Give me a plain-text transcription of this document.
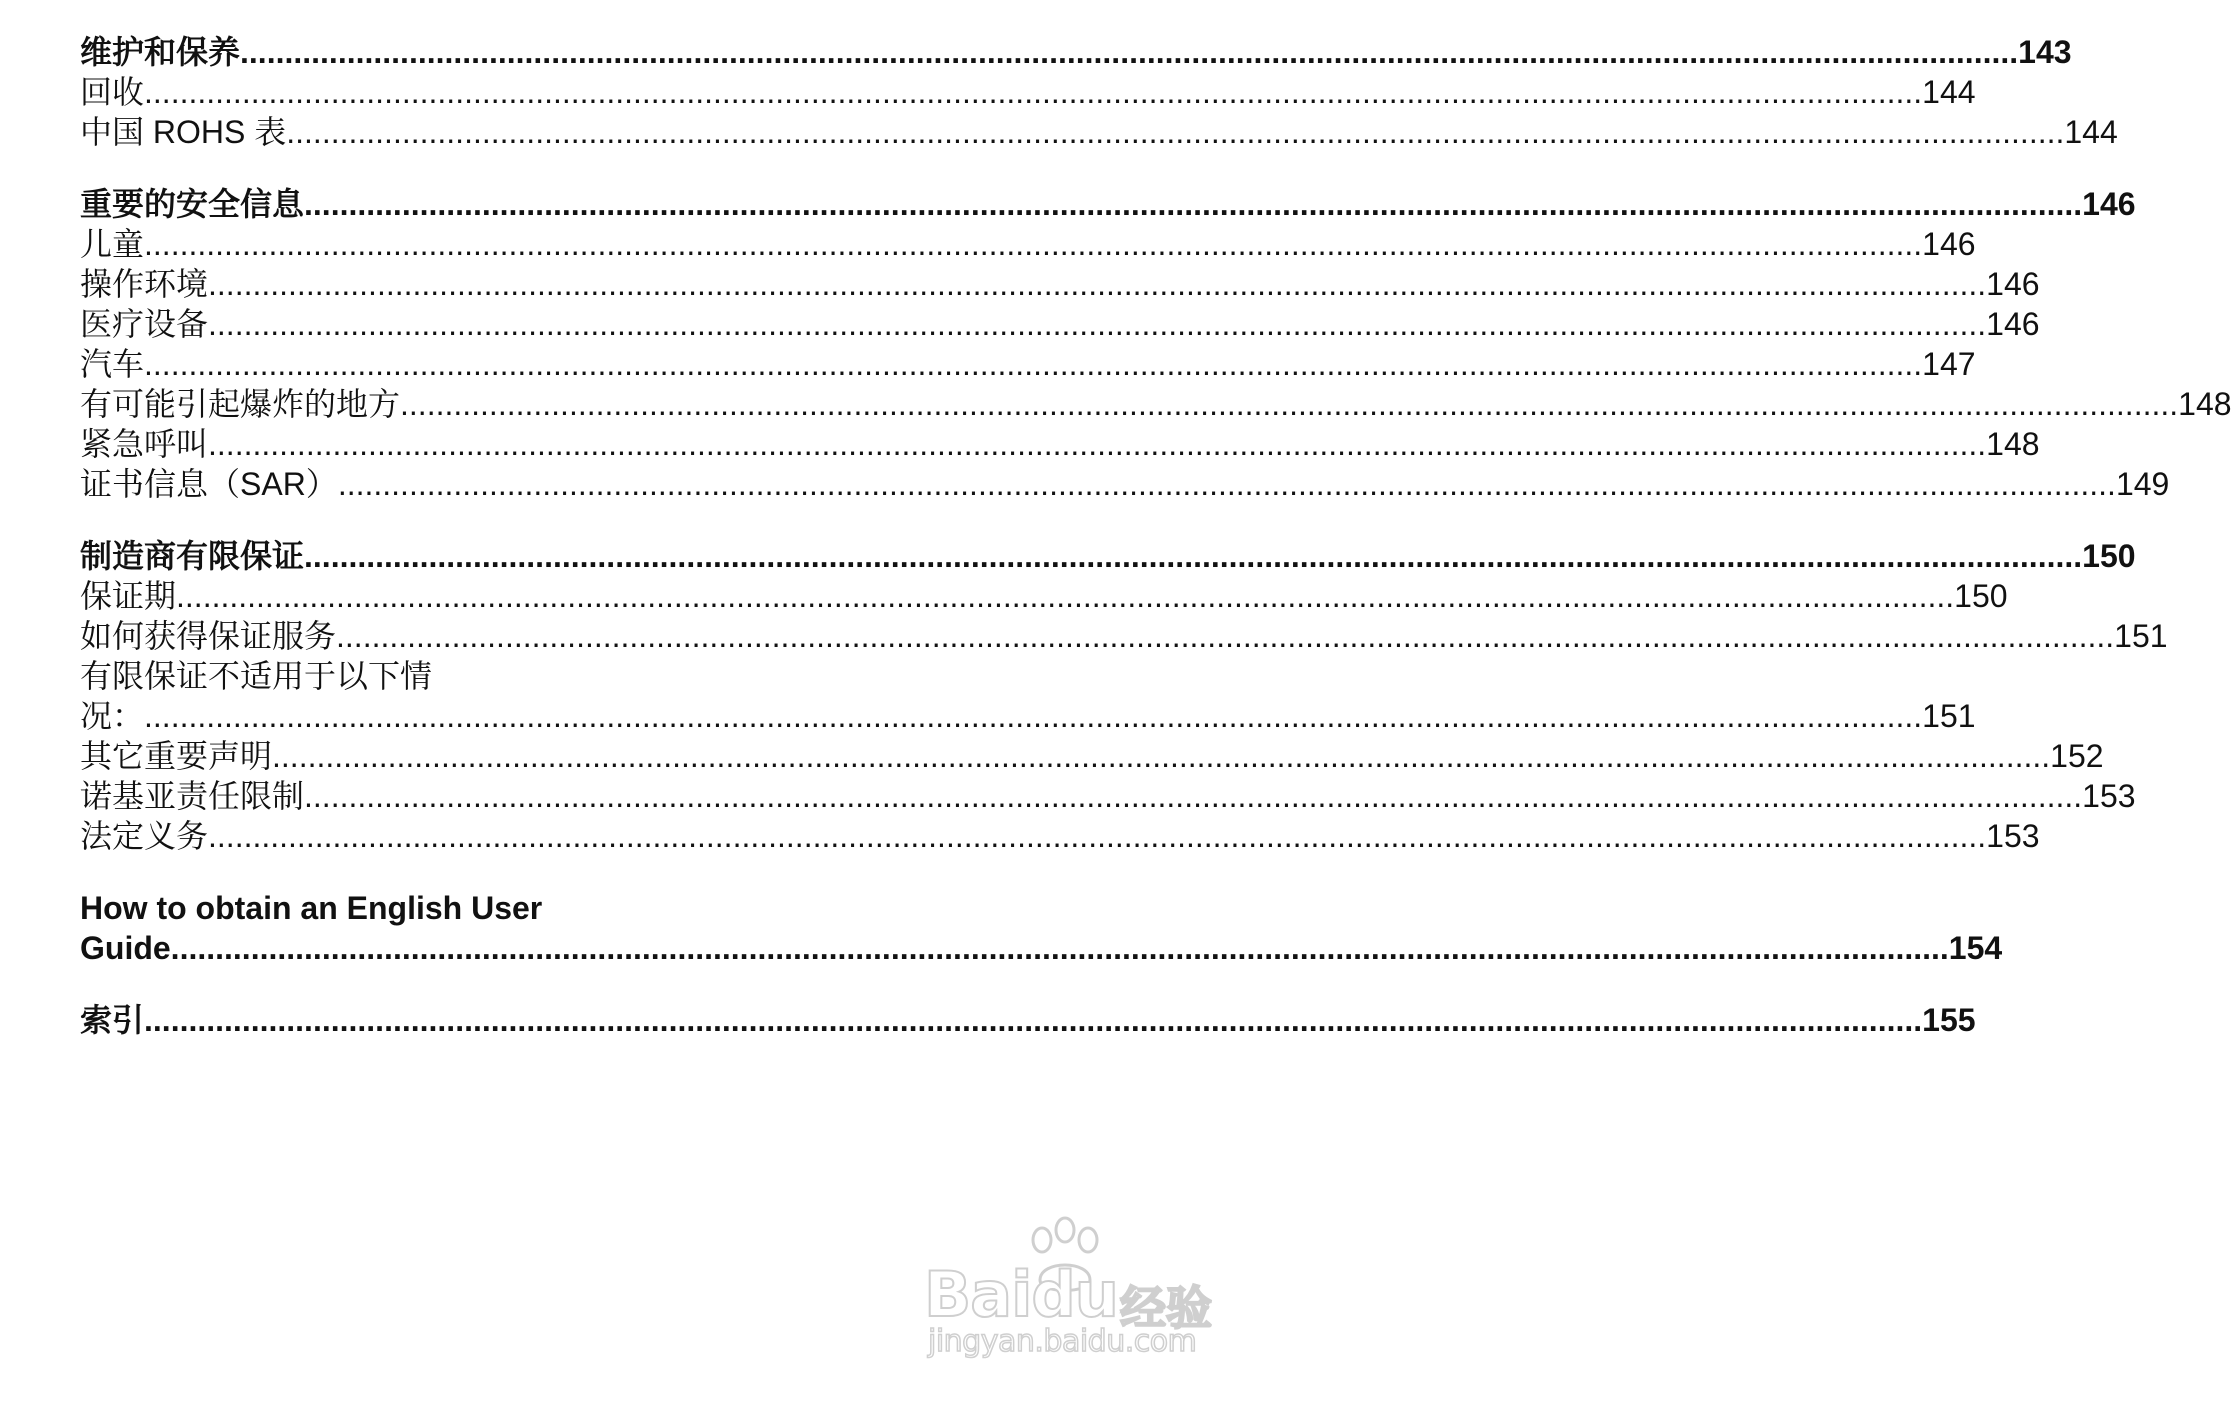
维护和保养 ........................................................................................................................................................................................................ 143
回收 ........................................................................................................................................................................................................ 144
中国 ROHS 表 ........................................................................................................................................................................................................ 144
重要的安全信息 ........................................................................................................................................................................................................ 146
儿童 ........................................................................................................................................................................................................ 146
操作环境 ........................................................................................................................................................................................................ 146
医疗设备 ........................................................................................................................................................................................................ 146
汽车 ........................................................................................................................................................................................................ 147
有可能引起爆炸的地方 ........................................................................................................................................................................................................ 148
紧急呼叫 ........................................................................................................................................................................................................ 148
证书信息（SAR） ........................................................................................................................................................................................................ 149
制造商有限保证 ........................................................................................................................................................................................................ 150
保证期 ........................................................................................................................................................................................................ 150
如何获得保证服务 ........................................................................................................................................................................................................ 151
有限保证不适用于以下情
况： ........................................................................................................................................................................................................ 151
其它重要声明 ........................................................................................................................................................................................................ 152
诺基亚责任限制 ........................................................................................................................................................................................................ 153
法定义务 ........................................................................................................................................................................................................ 153
How to obtain an English User
Guide ........................................................................................................................................................................................................ 154
索引 ........................................................................................................................................................................................................ 155
Baidu 经验
jingyan.baidu.com
